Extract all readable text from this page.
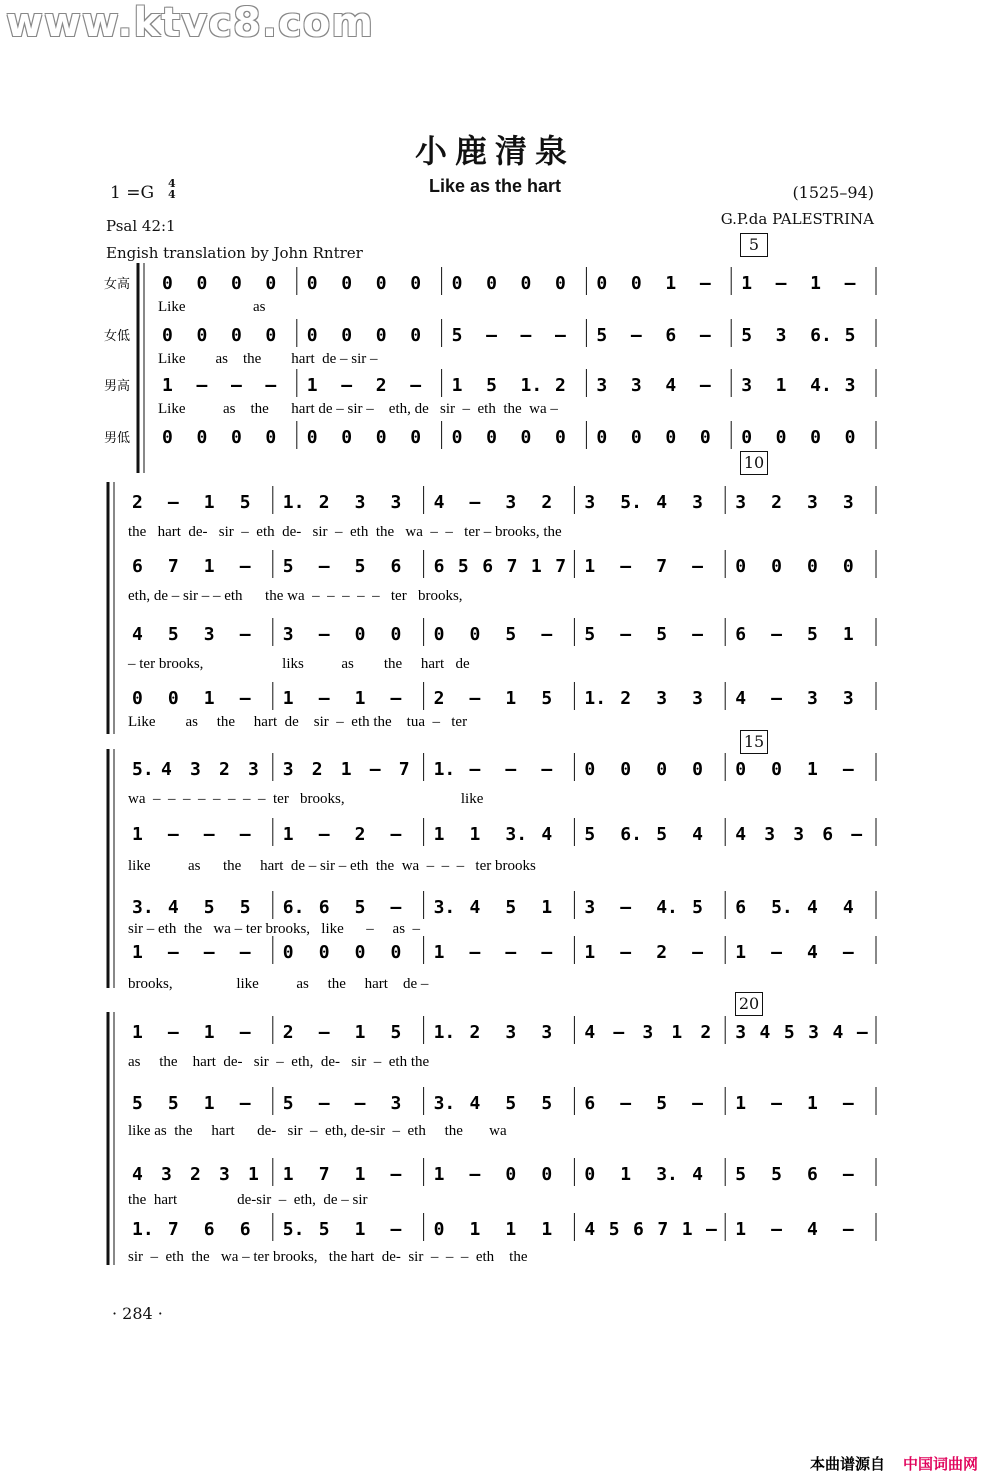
www.ktvc8.com
小鹿清泉
Like as the hart
1 =G 4
4	(1525–94)
G.P.da PALESTRINA
Psal 42:1
Engish translation by John Rntrer	5
10
15
20
女高 0 0 0 0 0 0 0 0 0 0 0 0 0 0 1 – 1 – 1 –
Like                  as
女低 0 0 0 0 0 0 0 0 5 – – – 5 – 6 – 5 3 6. 5
Like        as    the        hart  de – sir –
男高 1 – – – 1 – 2 – 1 5 1. 2 3 3 4 – 3 1 4. 3
Like          as    the      hart de – sir –    eth, de   sir  –  eth  the  wa –
男低 0 0 0 0 0 0 0 0 0 0 0 0 0 0 0 0 0 0 0 0
2 – 1 5 1. 2 3 3 4 – 3 2 3 5. 4 3 3 2 3 3
the   hart  de-   sir  –  eth  de-   sir  –  eth  the   wa  –  –   ter – brooks, the
6 7 1 – 5 – 5 6 6 5 6 7 1 7 1 – 7 – 0 0 0 0
eth, de – sir – – eth      the wa  –  –  –  –  –   ter   brooks,
4 5 3 – 3 – 0 0 0 0 5 – 5 – 5 – 6 – 5 1
– ter brooks,                     liks          as        the     hart   de
0 0 1 – 1 – 1 – 2 – 1 5 1. 2 3 3 4 – 3 3
Like        as     the     hart  de    sir  –  eth the    tua  –   ter
5. 4 3 2 3 3 2 1 – 7 1. – – – 0 0 0 0 0 0 1 –
wa  –  –  –  –  –  –  –  –  ter   brooks,                               like
1 – – – 1 – 2 – 1 1 3. 4 5 6. 5 4 4 3 3 6 –
like          as      the     hart  de – sir – eth  the  wa  –  –  –   ter brooks
3. 4 5 5 6. 6 5 – 3. 4 5 1 3 – 4. 5 6 5. 4 4
sir – eth  the   wa – ter brooks,   like      –     as  –
1 – – – 0 0 0 0 1 – – – 1 – 2 – 1 – 4 –
brooks,                 like          as     the     hart    de –
1 – 1 – 2 – 1 5 1. 2 3 3 4 – 3 1 2 3 4 5 3 4 –
as     the    hart  de-   sir  –  eth,  de-   sir  –  eth the
5 5 1 – 5 – – 3 3. 4 5 5 6 – 5 – 1 – 1 –
like as  the     hart      de-   sir  –  eth, de-sir  –  eth     the       wa
4 3 2 3 1 1 7 1 – 1 – 0 0 0 1 3. 4 5 5 6 –
the  hart                de-sir  –  eth,  de – sir
1. 7 6 6 5. 5 1 – 0 1 1 1 4 5 6 7 1 – 1 – 4 –
sir  –  eth  the   wa – ter brooks,   the hart  de-  sir  –  –  –  eth    the
· 284 ·
本曲谱源自 中国词曲网
